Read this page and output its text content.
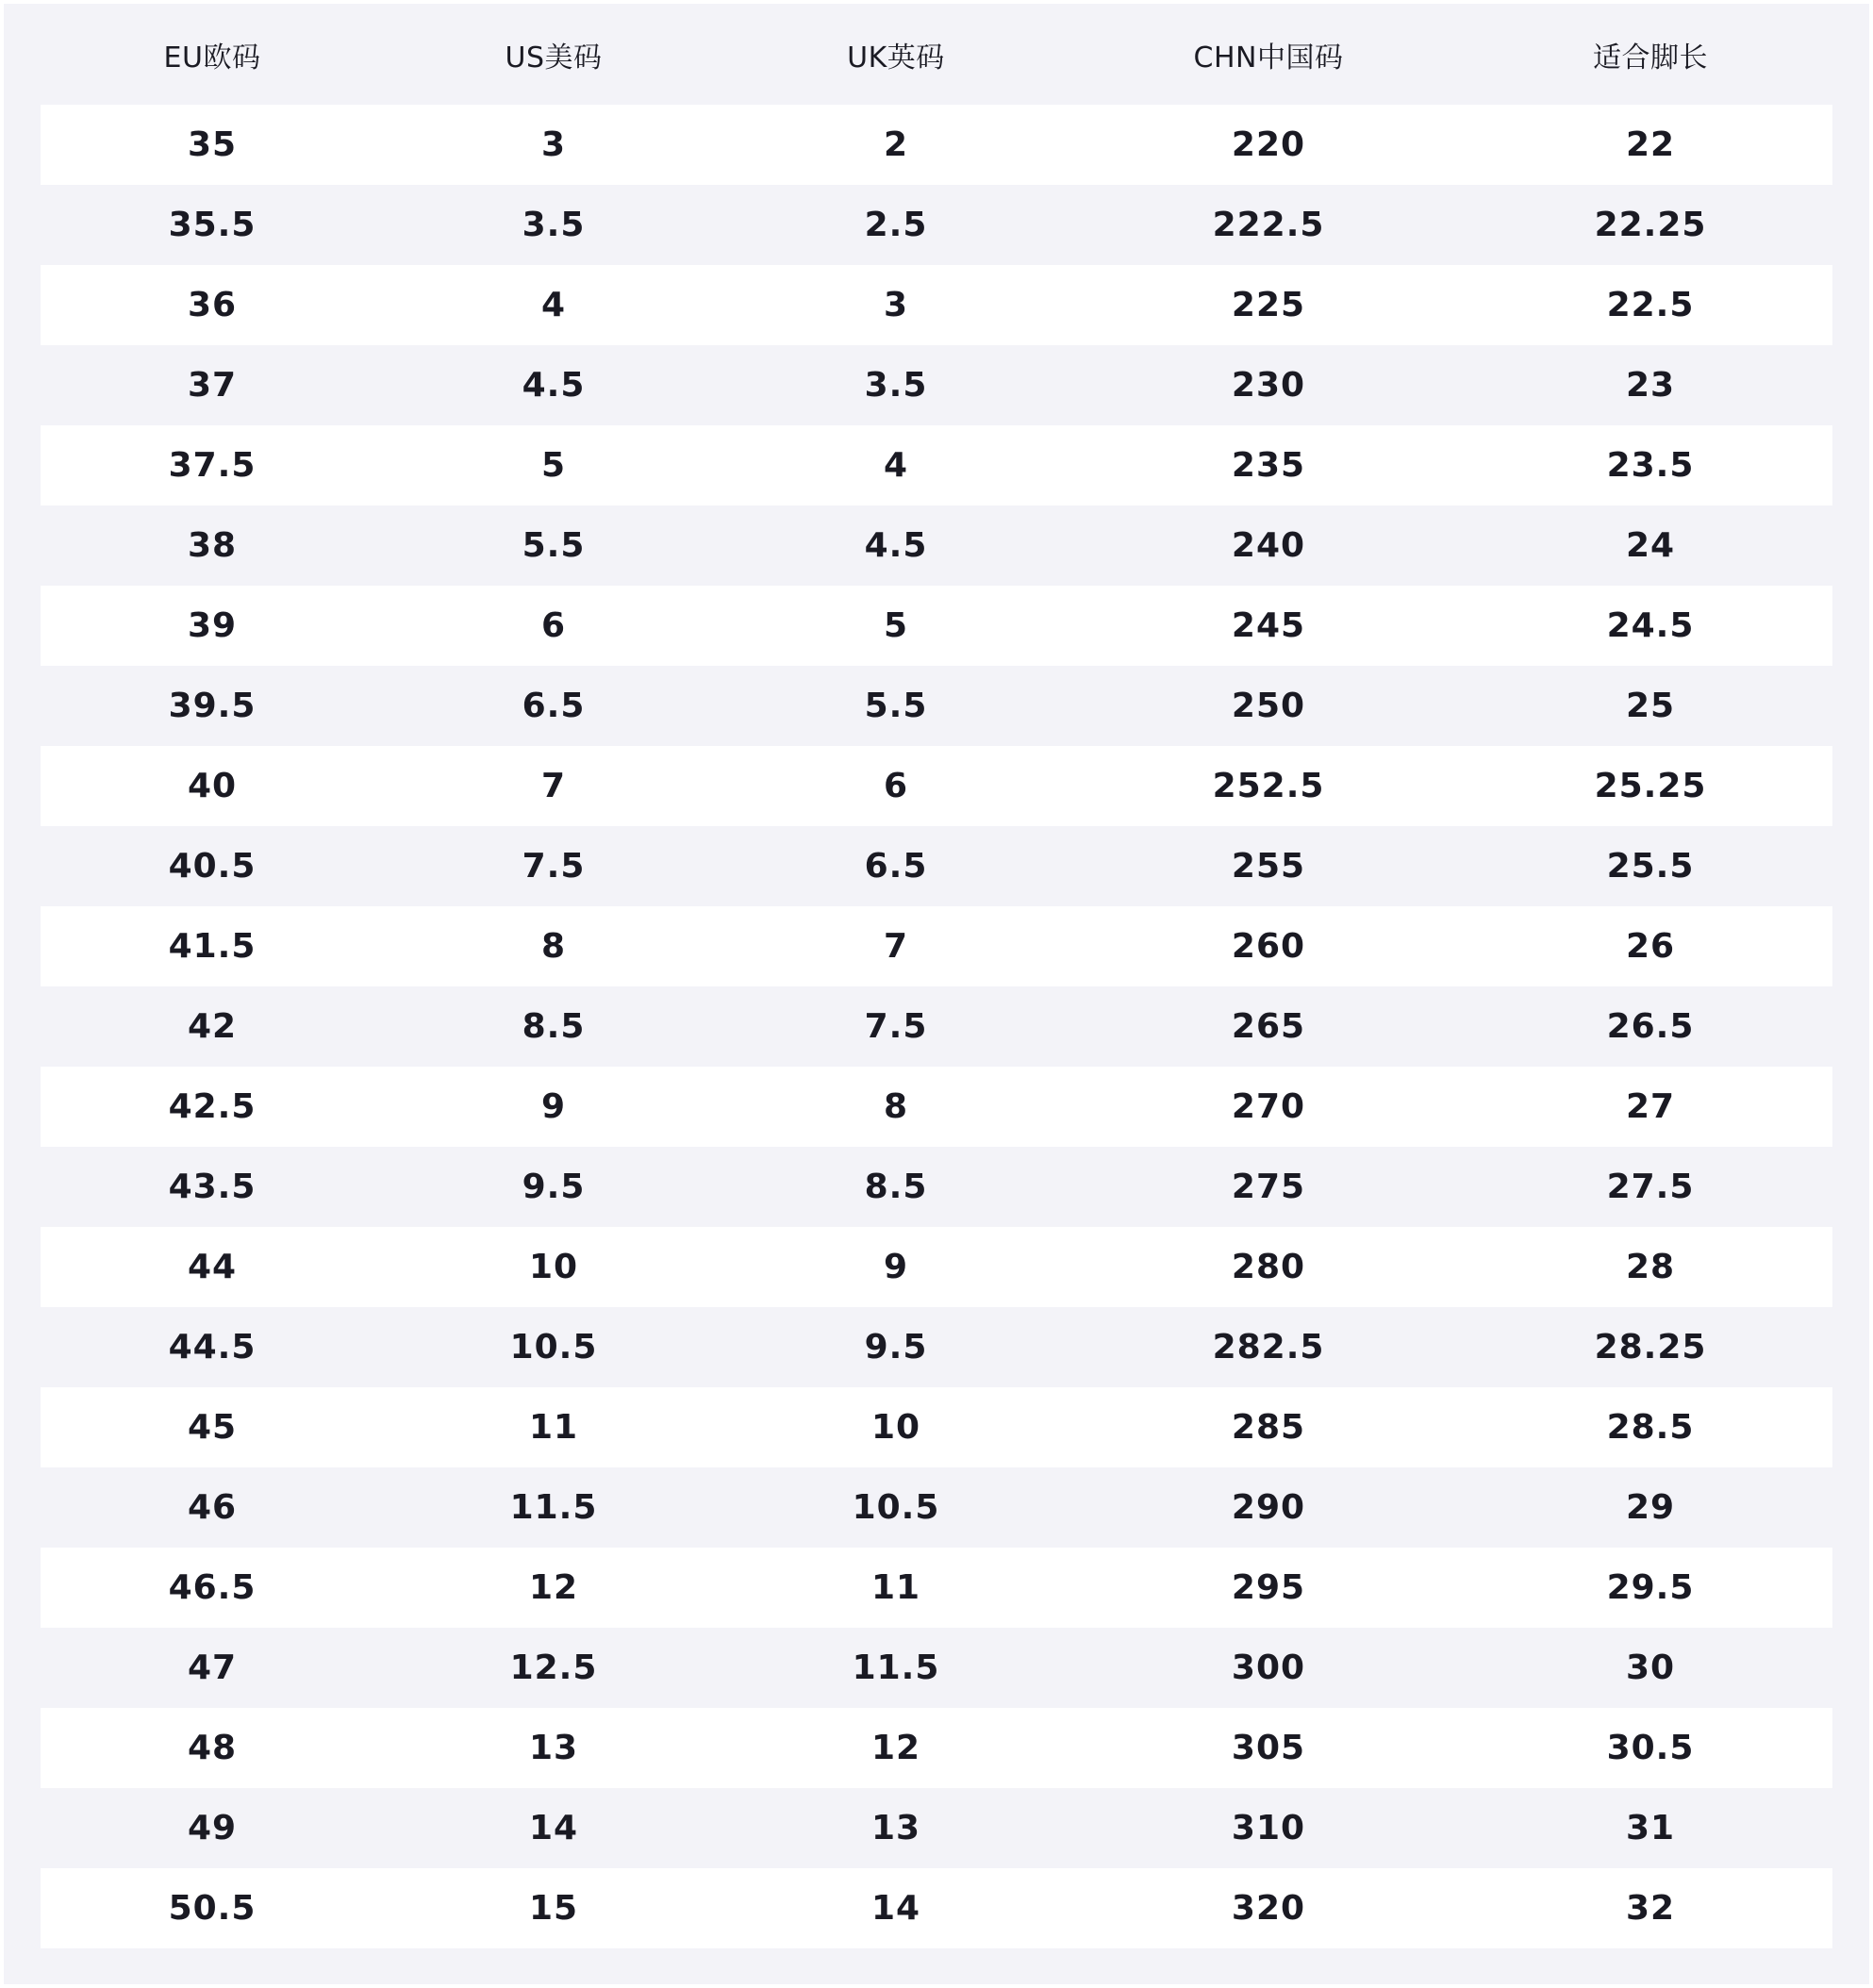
EU欧码	US美码	UK英码	CHN中国码	适合脚长
35	3	2	220	22
35.5	3.5	2.5	222.5	22.25
36	4	3	225	22.5
37	4.5	3.5	230	23
37.5	5	4	235	23.5
38	5.5	4.5	240	24
39	6	5	245	24.5
39.5	6.5	5.5	250	25
40	7	6	252.5	25.25
40.5	7.5	6.5	255	25.5
41.5	8	7	260	26
42	8.5	7.5	265	26.5
42.5	9	8	270	27
43.5	9.5	8.5	275	27.5
44	10	9	280	28
44.5	10.5	9.5	282.5	28.25
45	11	10	285	28.5
46	11.5	10.5	290	29
46.5	12	11	295	29.5
47	12.5	11.5	300	30
48	13	12	305	30.5
49	14	13	310	31
50.5	15	14	320	32
